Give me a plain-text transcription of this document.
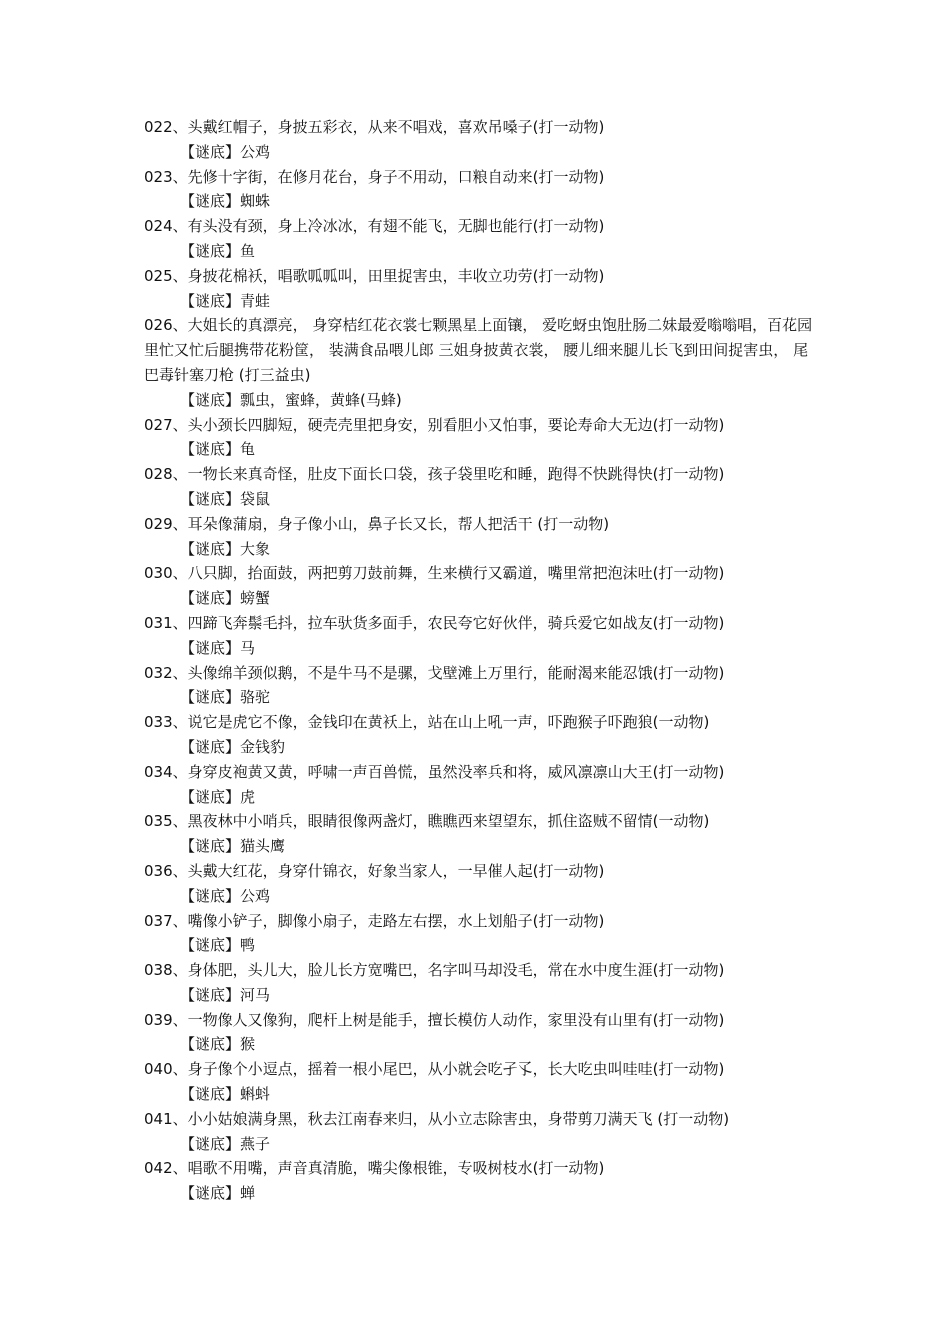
022、头戴红帽子，身披五彩衣，从来不唱戏，喜欢吊嗓子(打一动物)

【谜底】公鸡

023、先修十字街，在修月花台，身子不用动，口粮自动来(打一动物)

【谜底】蜘蛛

024、有头没有颈，身上冷冰冰，有翅不能飞，无脚也能行(打一动物)

【谜底】鱼

025、身披花棉袄，唱歌呱呱叫，田里捉害虫，丰收立功劳(打一动物)

【谜底】青蛙

026、大姐长的真漂亮， 身穿桔红花衣裳七颗黑星上面镶， 爱吃蚜虫饱肚肠二妹最爱嗡嗡唱，百花园里忙又忙后腿携带花粉筐， 装满食品喂儿郎 三姐身披黄衣裳， 腰儿细来腿儿长飞到田间捉害虫， 尾巴毒针塞刀枪 (打三益虫)

【谜底】瓢虫，蜜蜂，黄蜂(马蜂)

027、头小颈长四脚短，硬壳壳里把身安，别看胆小又怕事，要论寿命大无边(打一动物)

【谜底】龟

028、一物长来真奇怪，肚皮下面长口袋，孩子袋里吃和睡，跑得不快跳得快(打一动物)

【谜底】袋鼠

029、耳朵像蒲扇，身子像小山，鼻子长又长，帮人把活干 (打一动物)

【谜底】大象

030、八只脚，抬面鼓，两把剪刀鼓前舞，生来横行又霸道，嘴里常把泡沫吐(打一动物)

【谜底】螃蟹

031、四蹄飞奔鬃毛抖，拉车驮货多面手，农民夸它好伙伴，骑兵爱它如战友(打一动物)

【谜底】马

032、头像绵羊颈似鹅，不是牛马不是骡，戈壁滩上万里行，能耐渴来能忍饿(打一动物)

【谜底】骆驼

033、说它是虎它不像，金钱印在黄袄上，站在山上吼一声，吓跑猴子吓跑狼(一动物)

【谜底】金钱豹

034、身穿皮袍黄又黄，呼啸一声百兽慌，虽然没率兵和将，威风凛凛山大王(打一动物)

【谜底】虎

035、黑夜林中小哨兵，眼睛很像两盏灯，瞧瞧西来望望东，抓住盗贼不留情(一动物)

【谜底】猫头鹰

036、头戴大红花，身穿什锦衣，好象当家人，一早催人起(打一动物)

【谜底】公鸡

037、嘴像小铲子，脚像小扇子，走路左右摆，水上划船子(打一动物)

【谜底】鸭

038、身体肥，头儿大，脸儿长方宽嘴巴，名字叫马却没毛，常在水中度生涯(打一动物)

【谜底】河马

039、一物像人又像狗，爬杆上树是能手，擅长模仿人动作，家里没有山里有(打一动物)

【谜底】猴

040、身子像个小逗点，摇着一根小尾巴，从小就会吃孑孓，长大吃虫叫哇哇(打一动物)

【谜底】蝌蚪

041、小小姑娘满身黑，秋去江南春来归，从小立志除害虫，身带剪刀满天飞 (打一动物)

【谜底】燕子

042、唱歌不用嘴，声音真清脆，嘴尖像根锥，专吸树枝水(打一动物)

【谜底】蝉
